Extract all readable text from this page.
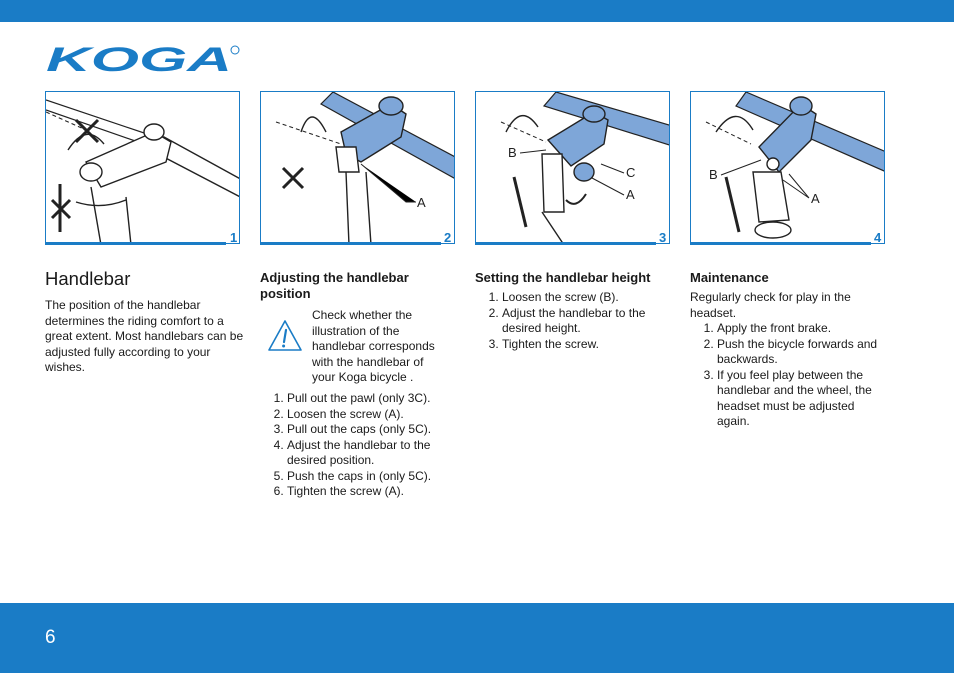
KOGA
1
A
2
B
C
A
3
B
A
4
Handlebar

The position of the handlebar determines the riding comfort to a great extent. Most handlebars can be adjusted fully according to your wishes.

Adjusting the handlebar position

Check whether the illustration of the handlebar corresponds with the handlebar of your Koga bicycle .

1. Pull out the pawl (only 3C).
2. Loosen the screw (A).
3. Pull out the caps (only 5C).
4. Adjust the handlebar to the desired position.
5. Push the caps in (only 5C).
6. Tighten the screw (A).
Setting the handlebar height
1. Loosen the screw (B).
2. Adjust the handlebar to the desired height.
3. Tighten the screw.
Maintenance

Regularly check for play in the headset.

1. Apply the front brake.
2. Push the bicycle forwards and backwards.
3. If you feel play between the handlebar and the wheel, the headset must be adjusted again.
6
